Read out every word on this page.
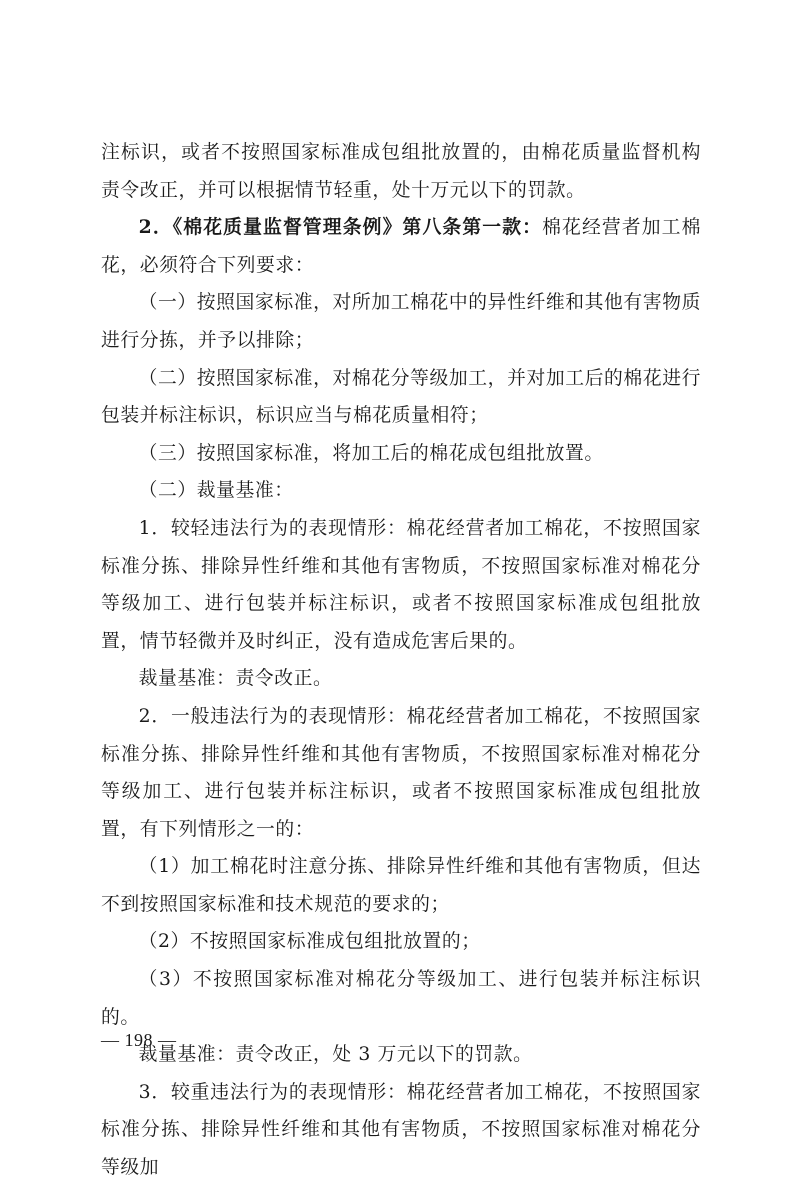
注标识，或者不按照国家标准成包组批放置的，由棉花质量监督机构责令改正，并可以根据情节轻重，处十万元以下的罚款。

2．《棉花质量监督管理条例》第八条第一款：棉花经营者加工棉花，必须符合下列要求：

（一）按照国家标准，对所加工棉花中的异性纤维和其他有害物质进行分拣，并予以排除；

（二）按照国家标准，对棉花分等级加工，并对加工后的棉花进行包装并标注标识，标识应当与棉花质量相符；

（三）按照国家标准，将加工后的棉花成包组批放置。

（二）裁量基准：

1．较轻违法行为的表现情形：棉花经营者加工棉花，不按照国家标准分拣、排除异性纤维和其他有害物质，不按照国家标准对棉花分等级加工、进行包装并标注标识，或者不按照国家标准成包组批放置，情节轻微并及时纠正，没有造成危害后果的。

裁量基准：责令改正。

2．一般违法行为的表现情形：棉花经营者加工棉花，不按照国家标准分拣、排除异性纤维和其他有害物质，不按照国家标准对棉花分等级加工、进行包装并标注标识，或者不按照国家标准成包组批放置，有下列情形之一的：

（1）加工棉花时注意分拣、排除异性纤维和其他有害物质，但达不到按照国家标准和技术规范的要求的；

（2）不按照国家标准成包组批放置的；

（3）不按照国家标准对棉花分等级加工、进行包装并标注标识的。

裁量基准：责令改正，处 3 万元以下的罚款。

3．较重违法行为的表现情形：棉花经营者加工棉花，不按照国家标准分拣、排除异性纤维和其他有害物质，不按照国家标准对棉花分等级加

— 198 —
